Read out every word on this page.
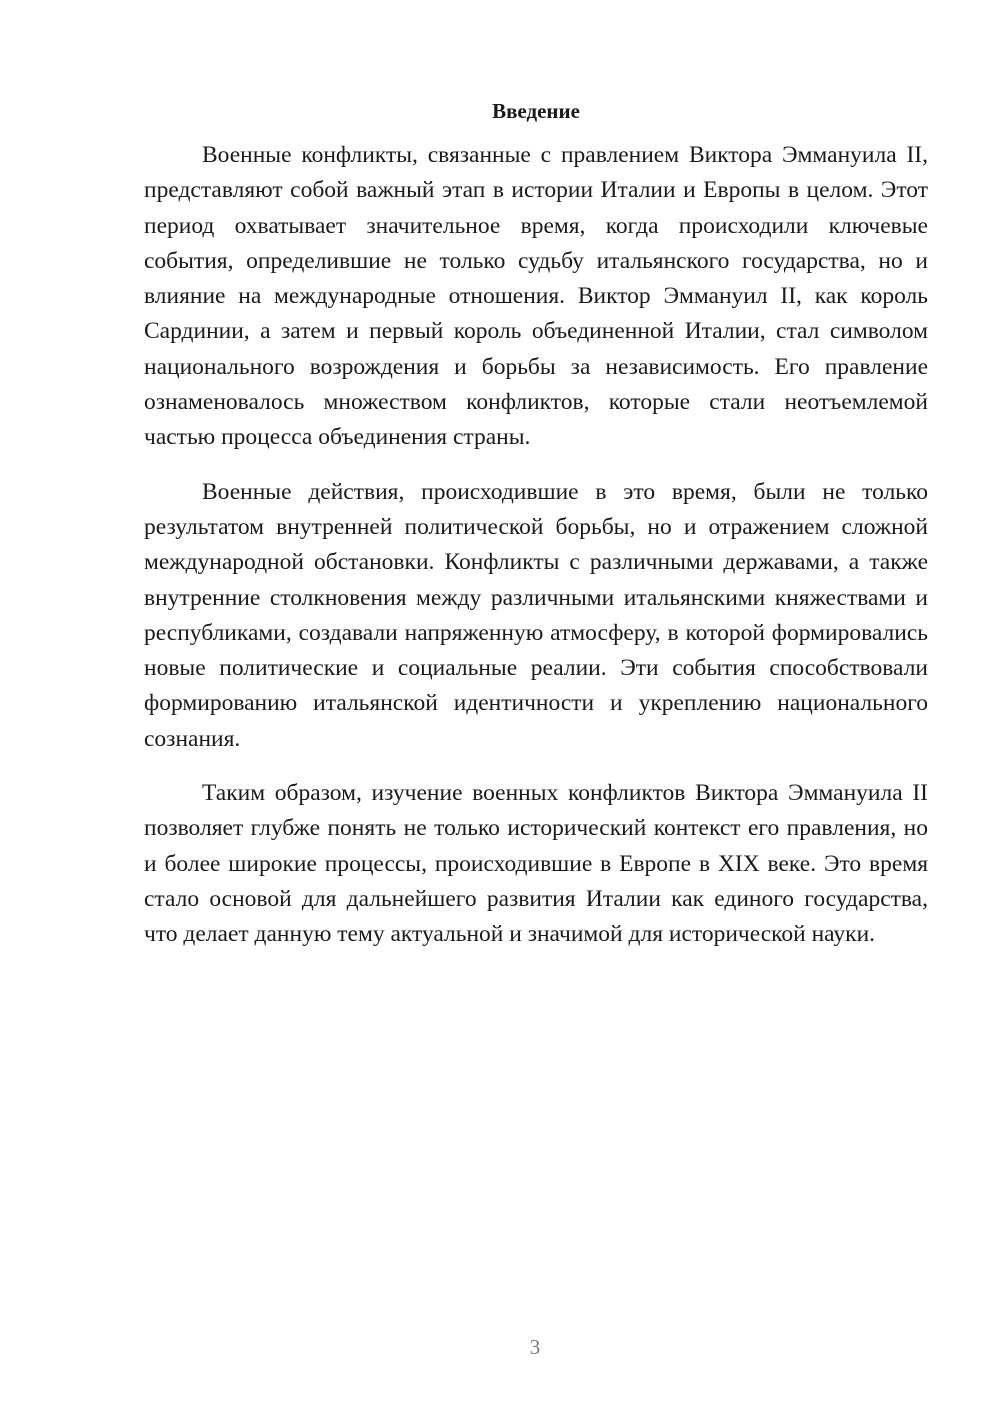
Введение

Военные конфликты, связанные с правлением Виктора Эммануила II, представляют собой важный этап в истории Италии и Европы в целом. Этот период охватывает значительное время, когда происходили ключевые события, определившие не только судьбу итальянского государства, но и влияние на международные отношения. Виктор Эммануил II, как король Сардинии, а затем и первый король объединенной Италии, стал символом национального возрождения и борьбы за независимость. Его правление ознаменовалось множеством конфликтов, которые стали неотъемлемой частью процесса объединения страны.

Военные действия, происходившие в это время, были не только результатом внутренней политической борьбы, но и отражением сложной международной обстановки. Конфликты с различными державами, а также внутренние столкновения между различными итальянскими княжествами и республиками, создавали напряженную атмосферу, в которой формировались новые политические и социальные реалии. Эти события способствовали формированию итальянской идентичности и укреплению национального сознания.

Таким образом, изучение военных конфликтов Виктора Эммануила II позволяет глубже понять не только исторический контекст его правления, но и более широкие процессы, происходившие в Европе в XIX веке. Это время стало основой для дальнейшего развития Италии как единого государства, что делает данную тему актуальной и значимой для исторической науки.

3
